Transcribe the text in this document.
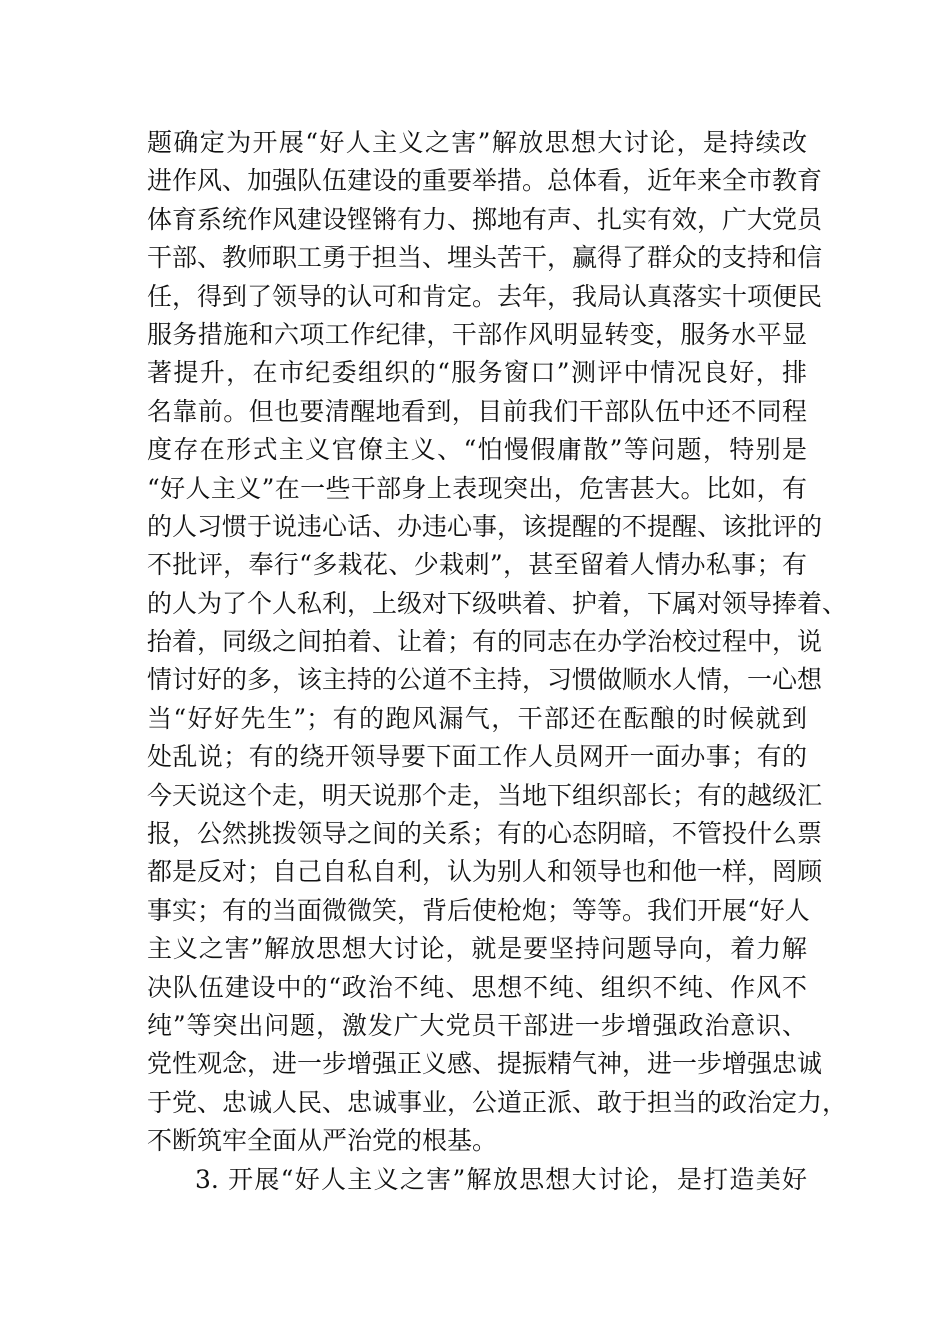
题确定为开展“好人主义之害”解放思想大讨论，是持续改
进作风、加强队伍建设的重要举措。总体看，近年来全市教育
体育系统作风建设铿锵有力、掷地有声、扎实有效，广大党员
干部、教师职工勇于担当、埋头苦干，赢得了群众的支持和信
任，得到了领导的认可和肯定。去年，我局认真落实十项便民
服务措施和六项工作纪律，干部作风明显转变，服务水平显
著提升，在市纪委组织的“服务窗口”测评中情况良好，排
名靠前。但也要清醒地看到，目前我们干部队伍中还不同程
度存在形式主义官僚主义、“怕慢假庸散”等问题，特别是
“好人主义”在一些干部身上表现突出，危害甚大。比如，有
的人习惯于说违心话、办违心事，该提醒的不提醒、该批评的
不批评，奉行“多栽花、少栽刺”，甚至留着人情办私事；有
的人为了个人私利，上级对下级哄着、护着，下属对领导捧着、
抬着，同级之间拍着、让着；有的同志在办学治校过程中，说
情讨好的多，该主持的公道不主持，习惯做顺水人情，一心想
当“好好先生”；有的跑风漏气，干部还在酝酿的时候就到
处乱说；有的绕开领导要下面工作人员网开一面办事；有的
今天说这个走，明天说那个走，当地下组织部长；有的越级汇
报，公然挑拨领导之间的关系；有的心态阴暗，不管投什么票
都是反对；自己自私自利，认为别人和领导也和他一样，罔顾
事实；有的当面微微笑，背后使枪炮；等等。我们开展“好人
主义之害”解放思想大讨论，就是要坚持问题导向，着力解
决队伍建设中的“政治不纯、思想不纯、组织不纯、作风不
纯”等突出问题，激发广大党员干部进一步增强政治意识、
党性观念，进一步增强正义感、提振精气神，进一步增强忠诚
于党、忠诚人民、忠诚事业，公道正派、敢于担当的政治定力，
不断筑牢全面从严治党的根基。
3. 开展“好人主义之害”解放思想大讨论，是打造美好
